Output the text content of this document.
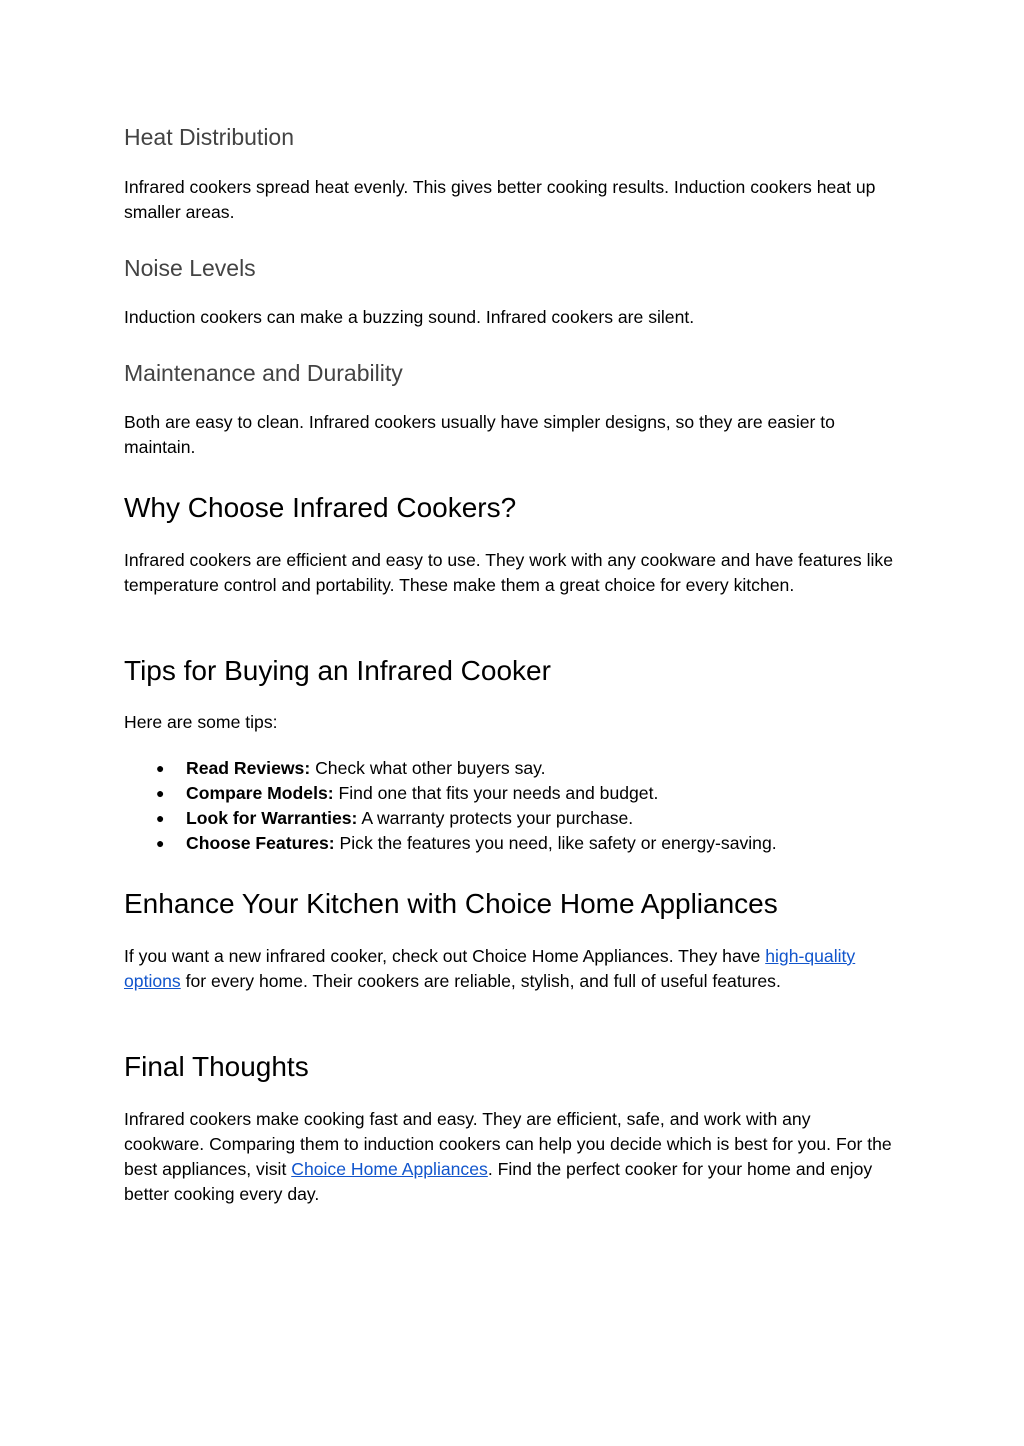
Heat Distribution

Infrared cookers spread heat evenly. This gives better cooking results. Induction cookers heat up smaller areas.

Noise Levels

Induction cookers can make a buzzing sound. Infrared cookers are silent.

Maintenance and Durability

Both are easy to clean. Infrared cookers usually have simpler designs, so they are easier to maintain.

Why Choose Infrared Cookers?

Infrared cookers are efficient and easy to use. They work with any cookware and have features like temperature control and portability. These make them a great choice for every kitchen.

Tips for Buying an Infrared Cooker

Here are some tips:

● Read Reviews: Check what other buyers say.
● Compare Models: Find one that fits your needs and budget.
● Look for Warranties: A warranty protects your purchase.
● Choose Features: Pick the features you need, like safety or energy-saving.
Enhance Your Kitchen with Choice Home Appliances

If you want a new infrared cooker, check out Choice Home Appliances. They have high-quality options for every home. Their cookers are reliable, stylish, and full of useful features.

Final Thoughts

Infrared cookers make cooking fast and easy. They are efficient, safe, and work with any cookware. Comparing them to induction cookers can help you decide which is best for you. For the best appliances, visit Choice Home Appliances. Find the perfect cooker for your home and enjoy better cooking every day.
